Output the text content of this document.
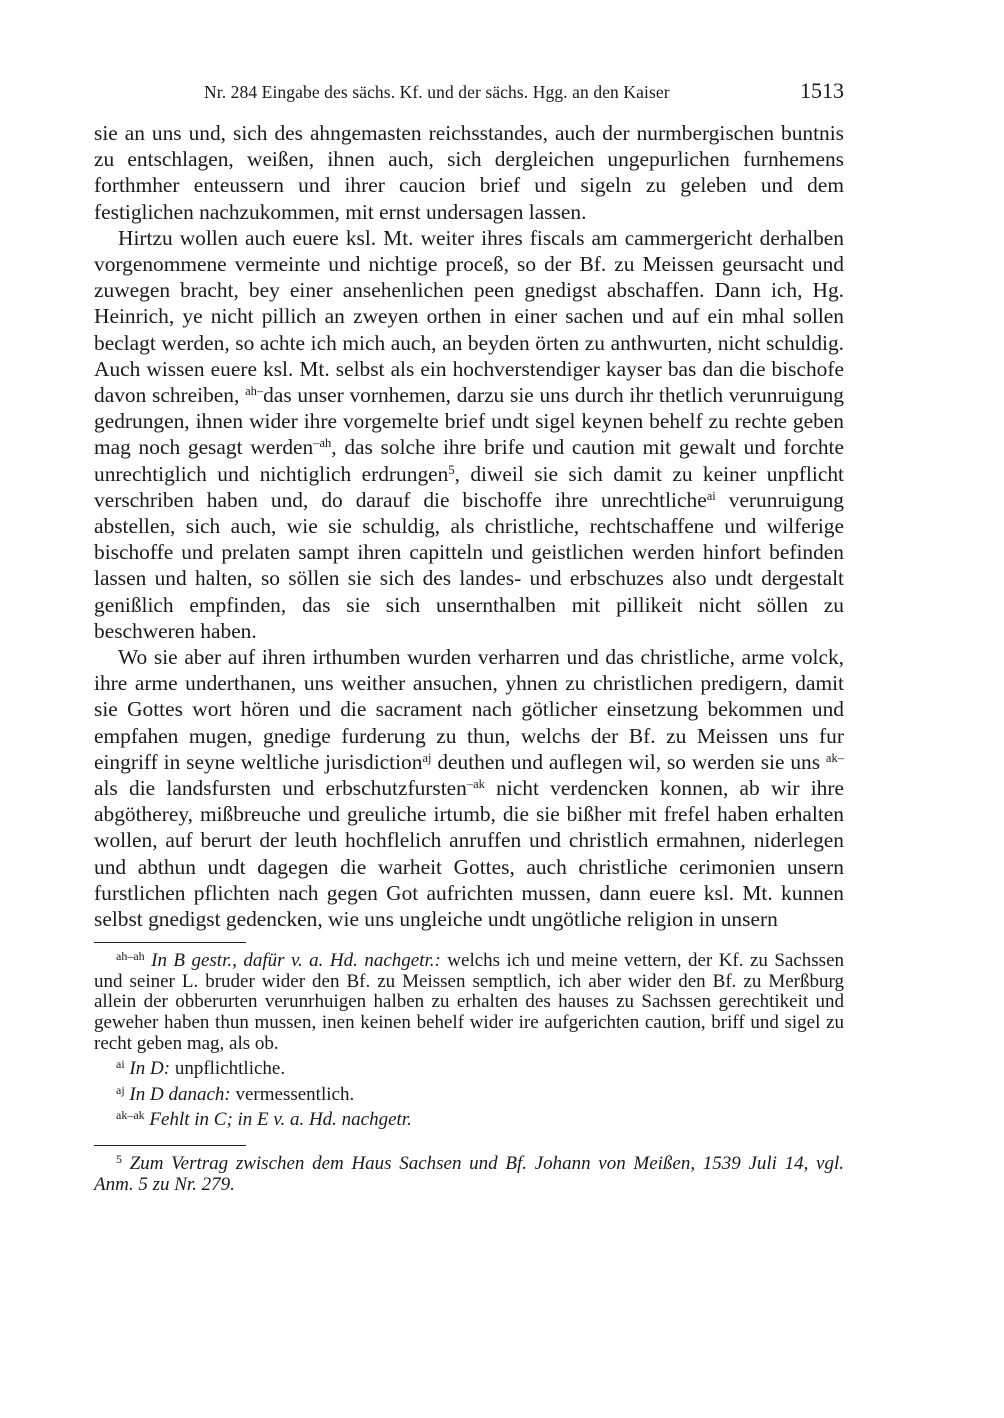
Nr. 284 Eingabe des sächs. Kf. und der sächs. Hgg. an den Kaiser	1513

sie an uns und, sich des ahngemasten reichsstandes, auch der nurmbergischen buntnis zu entschlagen, weißen, ihnen auch, sich dergleichen ungepurlichen furnhemens forthmher enteussern und ihrer caucion brief und sigeln zu geleben und dem festiglichen nachzukommen, mit ernst undersagen lassen.

Hirtzu wollen auch euere ksl. Mt. weiter ihres fiscals am cammergericht derhalben vorgenommene vermeinte und nichtige proceß, so der Bf. zu Meissen geursacht und zuwegen bracht, bey einer ansehenlichen peen gnedigst abschaffen. Dann ich, Hg. Heinrich, ye nicht pillich an zweyen orthen in einer sachen und auf ein mhal sollen beclagt werden, so achte ich mich auch, an beyden örten zu anthwurten, nicht schuldig. Auch wissen euere ksl. Mt. selbst als ein hochverstendiger kayser bas dan die bischofe davon schreiben, $^{ah-}$das unser vornhemen, darzu sie uns durch ihr thetlich verunruigung gedrungen, ihnen wider ihre vorgemelte brief undt sigel keynen behelf zu rechte geben mag noch gesagt werden$^{-ah}$, das solche ihre brife und caution mit gewalt und forchte unrechtiglich und nichtiglich erdrungen$^5$, diweil sie sich damit zu keiner unpflicht verschriben haben und, do darauf die bischoffe ihre unrechtliche$^{ai}$ verunruigung abstellen, sich auch, wie sie schuldig, als christliche, rechtschaffene und wilferige bischoffe und prelaten sampt ihren capitteln und geistlichen werden hinfort befinden lassen und halten, so söllen sie sich des landes- und erbschuzes also undt dergestalt genißlich empfinden, das sie sich unsernthalben mit pillikeit nicht söllen zu beschweren haben.

Wo sie aber auf ihren irthumben wurden verharren und das christliche, arme volck, ihre arme underthanen, uns weither ansuchen, yhnen zu christlichen predigern, damit sie Gottes wort hören und die sacrament nach götlicher einsetzung bekommen und empfahen mugen, gnedige furderung zu thun, welchs der Bf. zu Meissen uns fur eingriff in seyne weltliche jurisdiction$^{aj}$ deuthen und auflegen wil, so werden sie uns $^{ak-}$als die landsfursten und erbschutzfursten$^{-ak}$ nicht verdencken konnen, ab wir ihre abgötherey, mißbreuche und greuliche irtumb, die sie bißher mit frefel haben erhalten wollen, auf berurt der leuth hochflelich anruffen und christlich ermahnen, niderlegen und abthun undt dagegen die warheit Gottes, auch christliche cerimonien unsern furstlichen pflichten nach gegen Got aufrichten mussen, dann euere ksl. Mt. kunnen selbst gnedigst gedencken, wie uns ungleiche undt ungötliche religion in unsern

$^{ah-ah}$ In B gestr., dafür v. a. Hd. nachgetr.: welchs ich und meine vettern, der Kf. zu Sachssen und seiner L. bruder wider den Bf. zu Meissen semptlich, ich aber wider den Bf. zu Merßburg allein der obberurten verunrhuigen halben zu erhalten des hauses zu Sachssen gerechtikeit und geweher haben thun mussen, inen keinen behelf wider ire aufgerichten caution, briff und sigel zu recht geben mag, als ob.

$^{ai}$ In D: unpflichtliche.

$^{aj}$ In D danach: vermessentlich.

$^{ak-ak}$ Fehlt in C; in E v. a. Hd. nachgetr.

$^5$ Zum Vertrag zwischen dem Haus Sachsen und Bf. Johann von Meißen, 1539 Juli 14, vgl. Anm. 5 zu Nr. 279.
